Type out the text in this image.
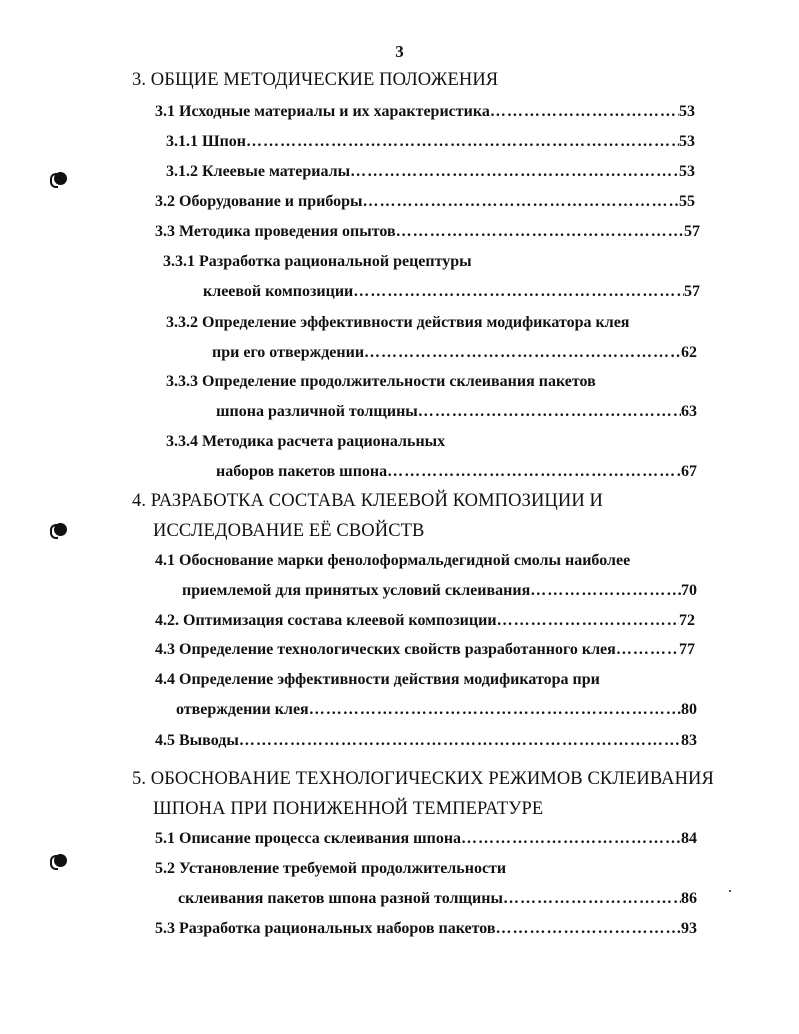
3
3. ОБЩИЕ МЕТОДИЧЕСКИЕ ПОЛОЖЕНИЯ
3.1 Исходные материалы и их характеристика …………………………………………………………………………………………………………………………	53
3.1.1 Шпон …………………………………………………………………………………………………………………………	53
3.1.2 Клеевые материалы …………………………………………………………………………………………………………………………	53
3.2 Оборудование и приборы …………………………………………………………………………………………………………………………	55
3.3 Методика проведения опытов …………………………………………………………………………………………………………………………	57
3.3.1 Разработка рациональной рецептуры
клеевой композиции …………………………………………………………………………………………………………………………	57
3.3.2 Определение эффективности действия модификатора клея
при его отверждении …………………………………………………………………………………………………………………………	62
3.3.3 Определение продолжительности склеивания пакетов
шпона различной толщины …………………………………………………………………………………………………………………………	63
3.3.4 Методика расчета рациональных
наборов пакетов шпона …………………………………………………………………………………………………………………………	67
4. РАЗРАБОТКА СОСТАВА КЛЕЕВОЙ КОМПОЗИЦИИ И
ИССЛЕДОВАНИЕ ЕЁ СВОЙСТВ
4.1 Обоснование марки фенолоформальдегидной смолы наиболее
приемлемой для принятых условий склеивания …………………………………………………………………………………………………………………………	70
4.2. Оптимизация состава клеевой композиции …………………………………………………………………………………………………………………………	72
4.3 Определение технологических свойств разработанного клея …………………………………………………………………………………………………………………………	77
4.4 Определение эффективности действия модификатора при
отверждении клея …………………………………………………………………………………………………………………………	80
4.5 Выводы …………………………………………………………………………………………………………………………	83
5. ОБОСНОВАНИЕ ТЕХНОЛОГИЧЕСКИХ РЕЖИМОВ СКЛЕИВАНИЯ
ШПОНА ПРИ ПОНИЖЕННОЙ ТЕМПЕРАТУРЕ
5.1 Описание процесса склеивания шпона …………………………………………………………………………………………………………………………	84
5.2 Установление требуемой продолжительности
склеивания пакетов шпона разной толщины …………………………………………………………………………………………………………………………	86
5.3 Разработка рациональных наборов пакетов …………………………………………………………………………………………………………………………	93
